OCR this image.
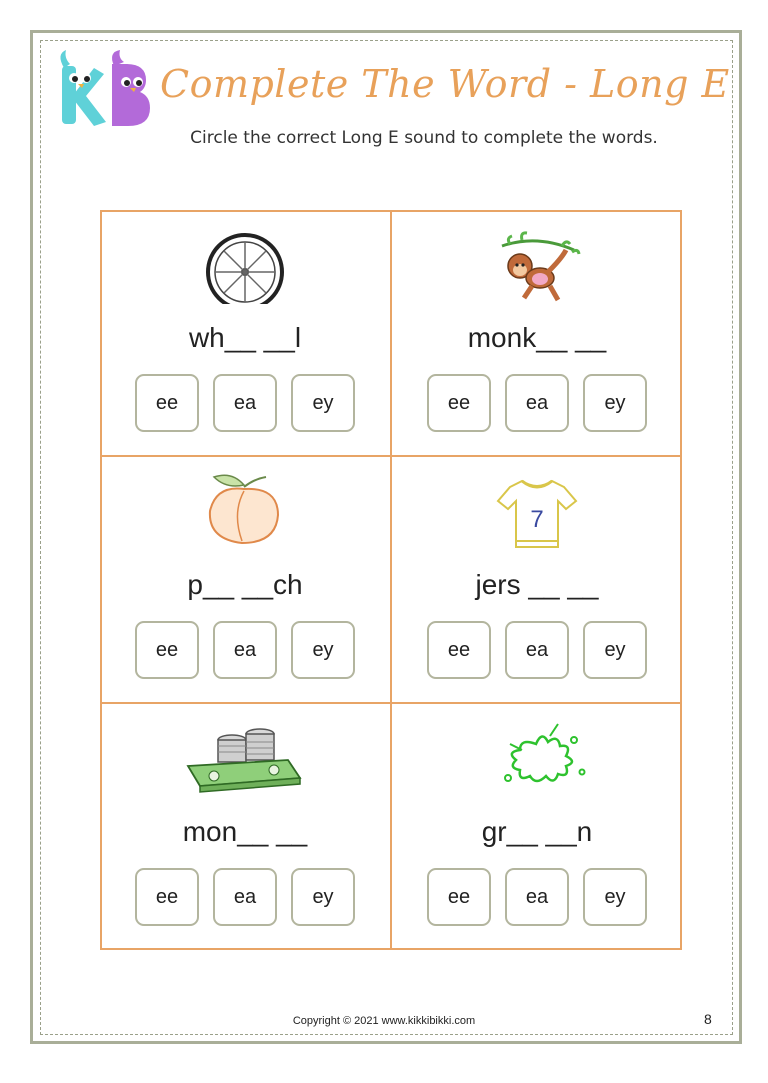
Complete The Word - Long E
Circle the correct Long E sound to complete the words.
wh__ __l
ee	ea	ey
monk__ __
ee	ea	ey
p__ __ch
ee	ea	ey
7
jers __ __
ee	ea	ey
mon__ __
ee	ea	ey
gr__ __n
ee	ea	ey
Copyright © 2021 www.kikkibikki.com	8
